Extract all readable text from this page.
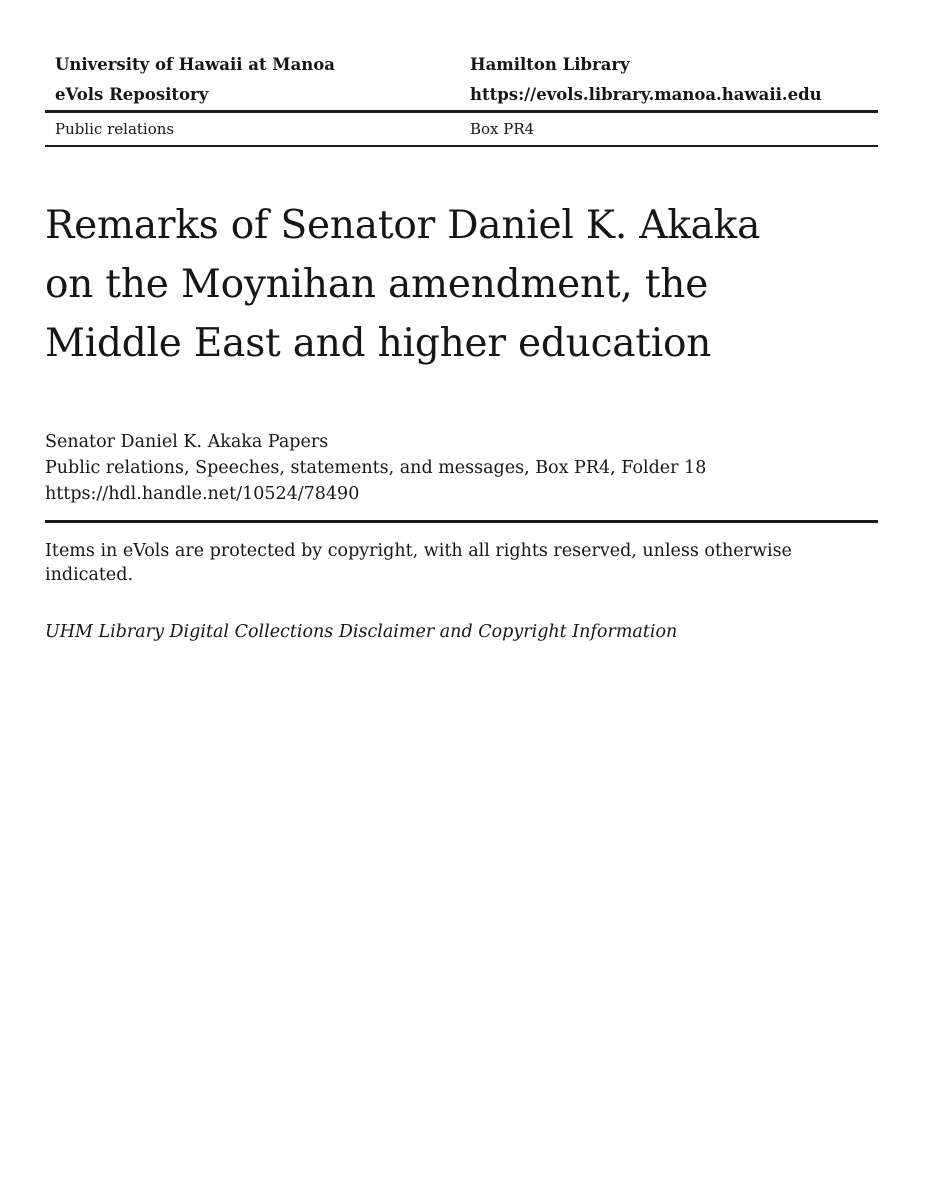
University of Hawaii at Manoa
eVols Repository
Hamilton Library
https://evols.library.manoa.hawaii.edu
Public relations	Box PR4
Remarks of Senator Daniel K. Akaka on the Moynihan amendment, the Middle East and higher education
Senator Daniel K. Akaka Papers
Public relations, Speeches, statements, and messages, Box PR4, Folder 18
https://hdl.handle.net/10524/78490

Items in eVols are protected by copyright, with all rights reserved, unless otherwise indicated.

UHM Library Digital Collections Disclaimer and Copyright Information
